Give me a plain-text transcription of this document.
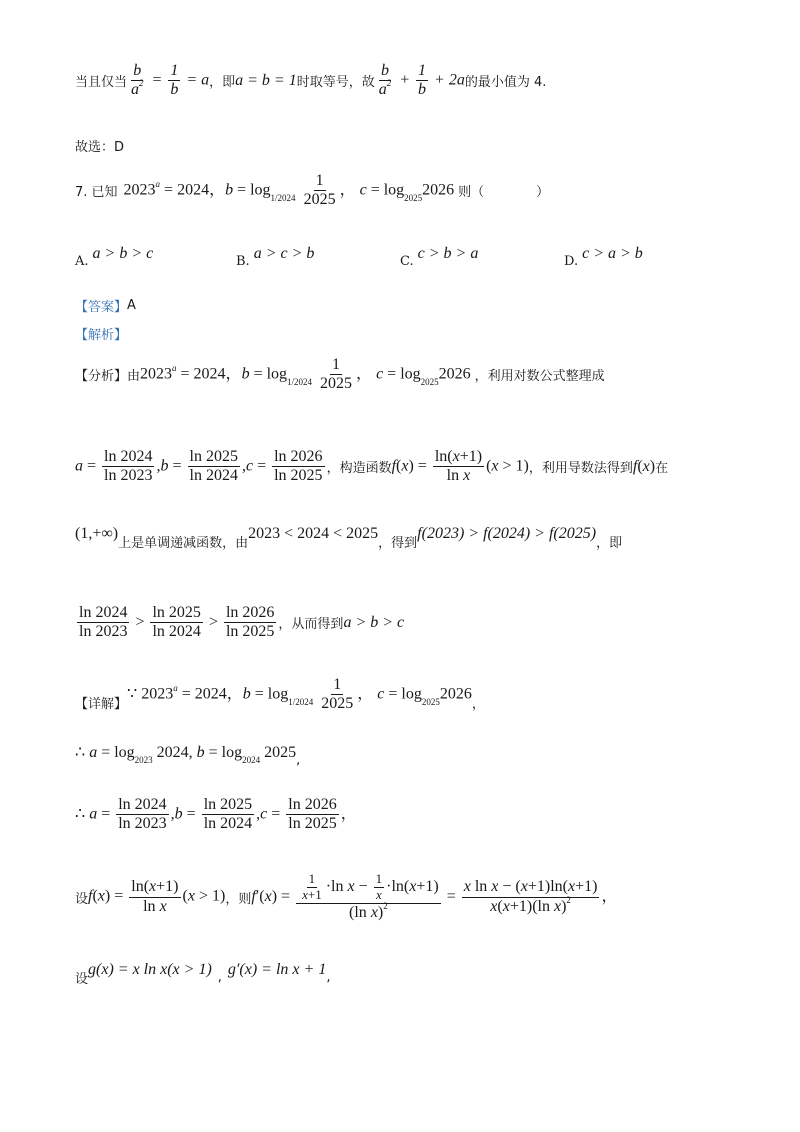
当且仅当 $\frac{b}{a^2} = \frac{1}{b} = a$ ，即 a = b = 1 时取等号，故 $\frac{b}{a^2} + \frac{1}{b} + 2a$ 的最小值为 4.
故选：D
7. 已知 $2023^a = 2024$，$b = \log_{1/2024} \frac{1}{2025}$ ， $c = \log_{2025}2026$ 则（　　　　）
A. a > b > c	B. a > c > b	C. c > b > a	D. c > a > b
【答案】 A
【解析】
【分析】 由 $2023^a = 2024$，$b = \log_{1/2024} \frac{1}{2025}$ ， $c = \log_{2025}2026$ ，利用对数公式整理成
$a = \frac{\ln 2024}{\ln 2023} ,b = \frac{\ln 2025}{\ln 2024} ,c = \frac{\ln 2026}{\ln 2025}$ ，构造函数 $f(x) = \frac{\ln(x+1)}{\text{ln x}} (x > 1)$ ，利用导数法得到 f(x) 在
(1,+∞)
上是单调递减函数，由
2023 < 2024 < 2025
，得到
f(2023) > f(2024) > f(2025)
，即
$\frac{\ln 2024}{\ln 2023} > \frac{\ln 2025}{\ln 2024} > \frac{\ln 2026}{\ln 2025}$ ，从而得到 a > b > c
【详解】
∵ $2023^a = 2024$，$b = \log_{1/2024} \frac{1}{2025}$ ， $c = \log_{2025}2026$
，
∴ $a = \log_{2023} 2024$, $b = \log_{2024} 2025$ ,
∴ $a = \frac{\ln 2024}{\ln 2023} ,b = \frac{\ln 2025}{\ln 2024} ,c = \frac{\ln 2026}{\ln 2025}$ ，
设 $f(x) = \frac{\ln(x+1)}{\text{ln x}} (x > 1)$ ，则 $f'(x) = \frac{\frac{1}{x+1} \cdot\ln x - \frac{1}{x} \cdot\ln(x+1)}{(\ln x)^2} = \frac{\text{x ln x − (x+1)ln(x+1)}}{x(x+1)(\ln x)^2}$ ，
设
g(x) = x ln x(x > 1) , g′(x) = ln x + 1 ,
